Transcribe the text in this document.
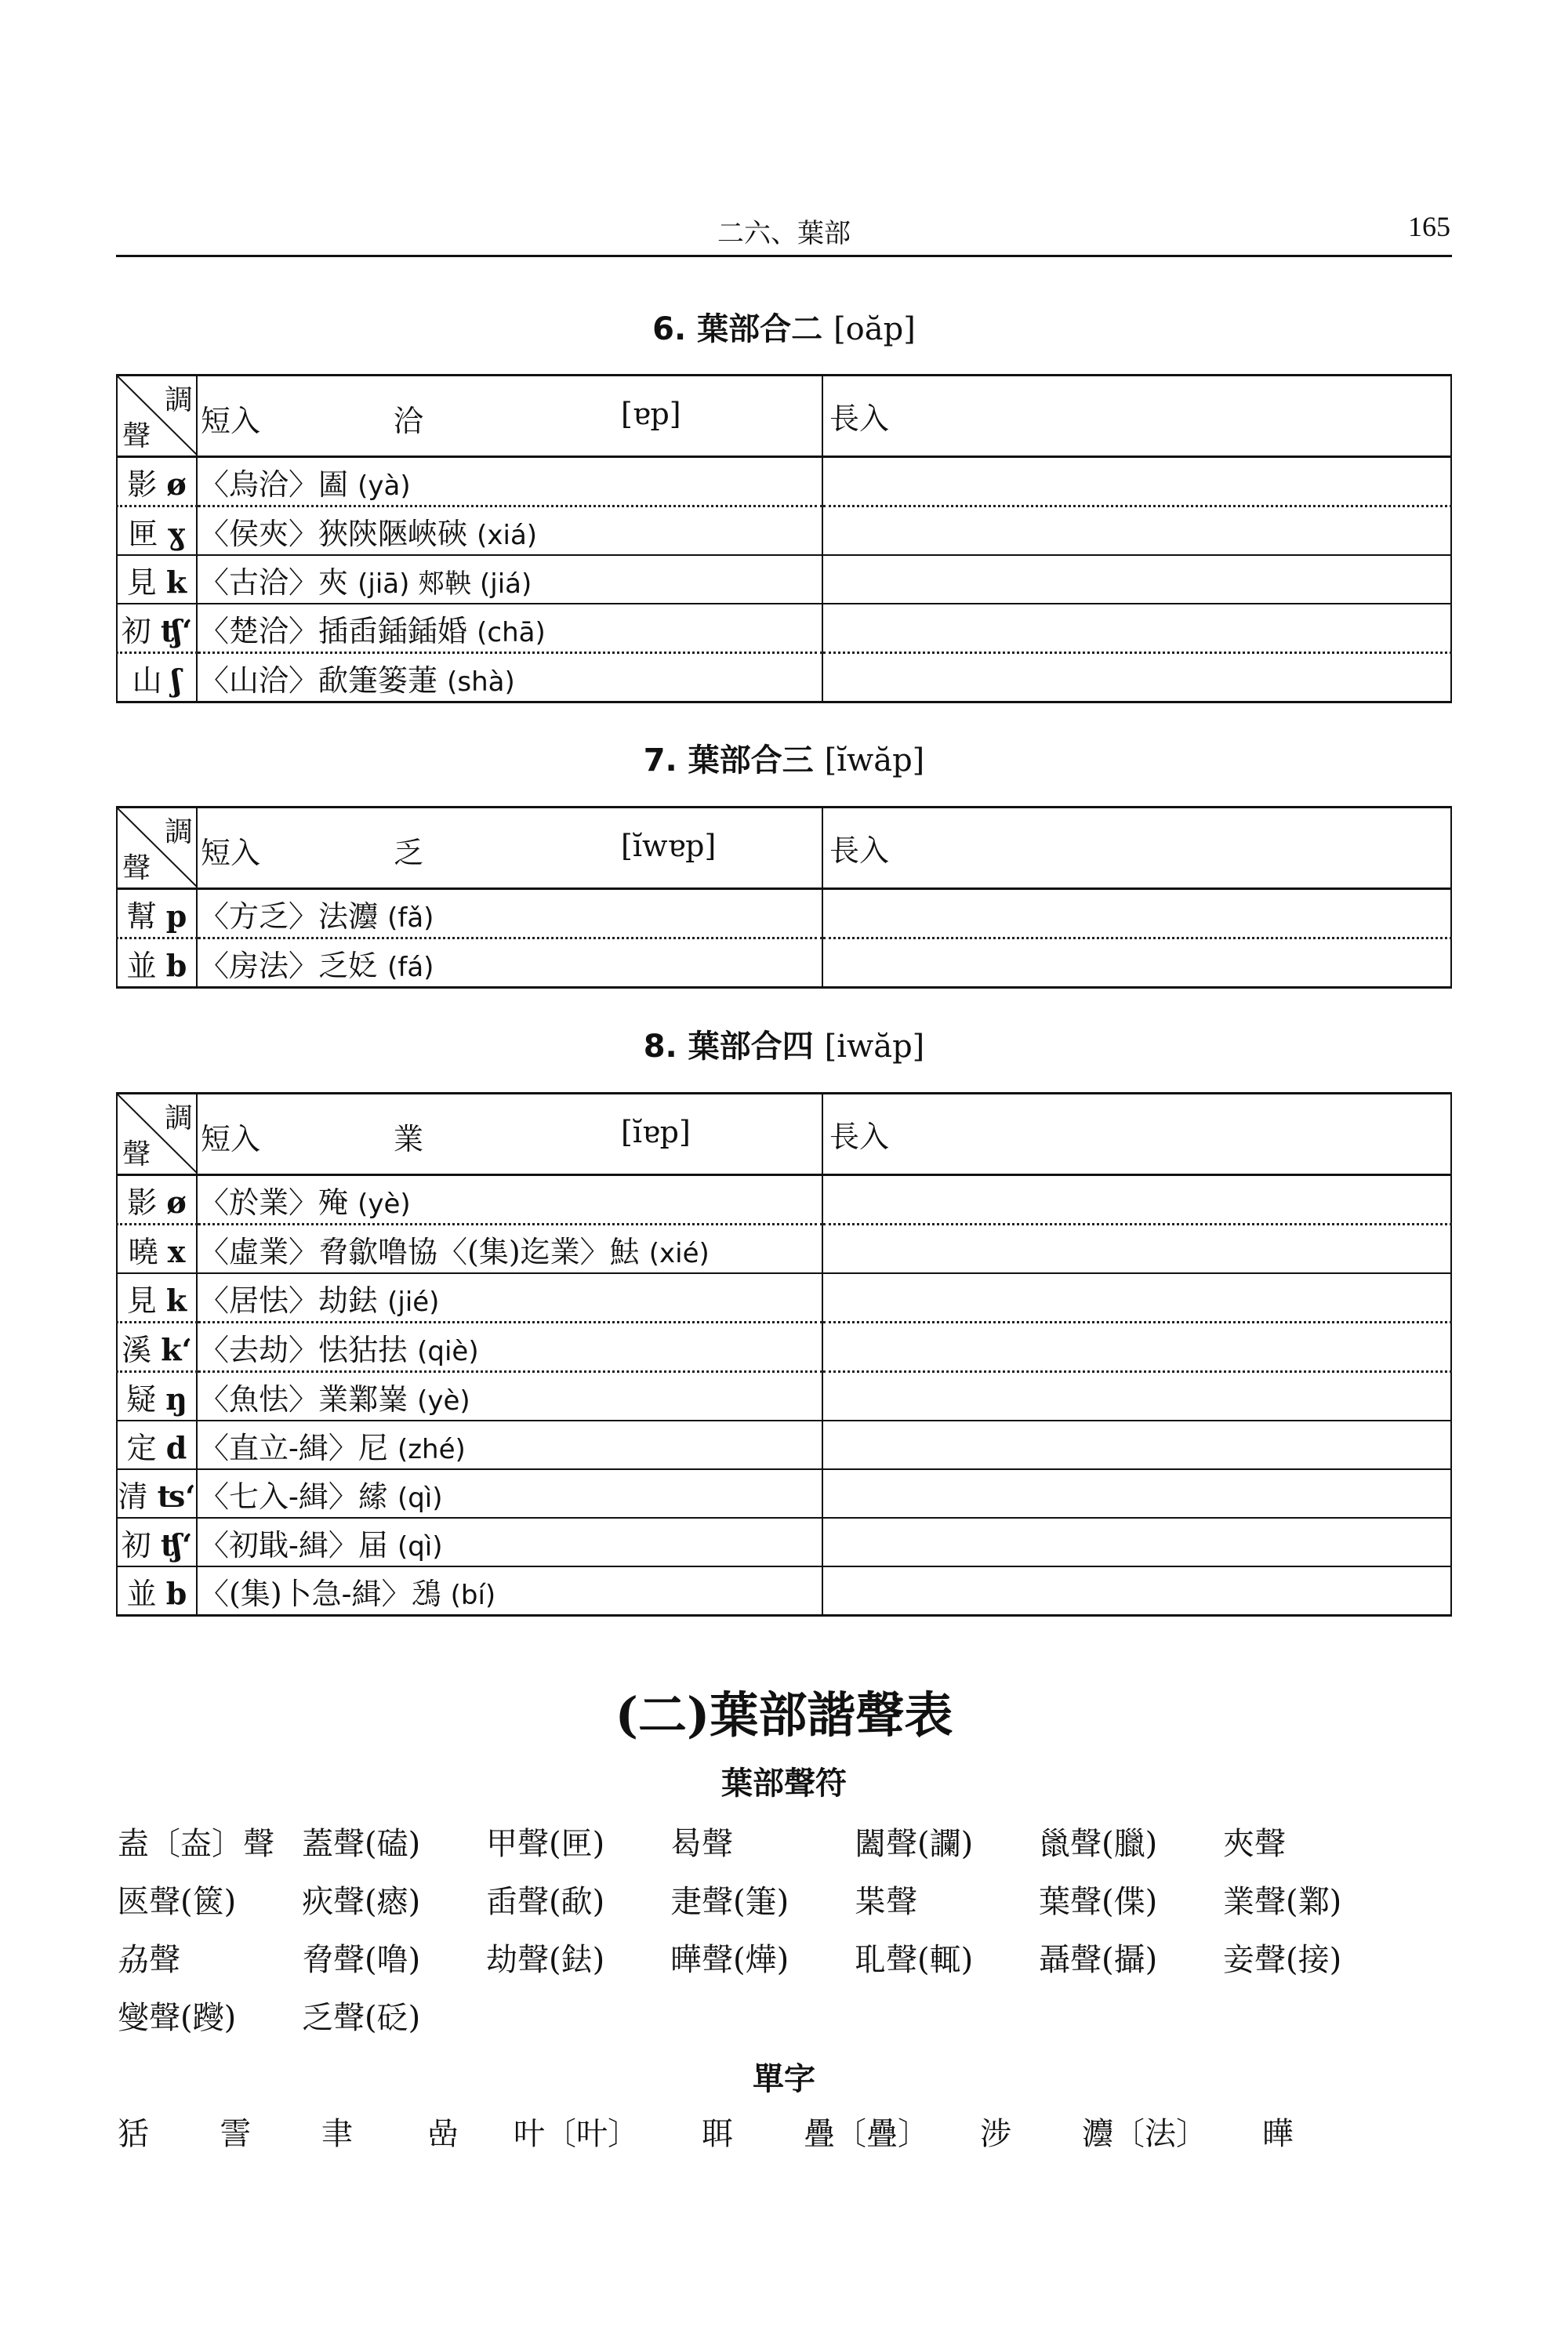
二六、葉部	165
調
聲	短入 洽 [ɐp]	長入
影 ø	〈烏洽〉圔 (yà)	
匣 ɣ	〈侯夾〉狹陝陿峽硤 (xiá)	
見 k	〈古洽〉夾 (jiā) 郟鞅 (jiá)	
初 ʧʻ	〈楚洽〉插臿鍤鍤婚 (chā)	
山 ʃ	〈山洽〉歃箑篓萐 (shà)	
調
聲	短入 乏 [ĭwɐp]	長入
幫 p	〈方乏〉法灋 (fǎ)	
並 b	〈房法〉乏姂 (fá)	
調
聲	短入 業 [ĭɐp]	長入
影 ø	〈於業〉殗 (yè)	
曉 x	〈虛業〉脅歙噜協〈(集)迄業〉魼 (xié)	
見 k	〈居怯〉劫鉣 (jié)	
溪 kʻ	〈去劫〉怯狜抾 (qiè)	
疑 ŋ	〈魚怯〉業鄴嶪 (yè)	
定 d	〈直立-緝〉尼 (zhé)	
清 ʦʻ	〈七入-緝〉䌇 (qì)	
初 ʧʻ	〈初戢-緝〉届 (qì)	
並 b	〈(集)卜急-緝〉鴔 (bí)	
(二)葉部諧聲表
葉部聲符
盍〔盇〕聲 蓋聲(磕) 甲聲(匣) 曷聲	闔聲(讕) 巤聲(臘) 夾聲
匧聲(篋) 疢聲(瘱) 臿聲(歃) 疌聲(箑) 枼聲	葉聲(偞) 業聲(鄴)
劦聲	脅聲(噜) 劫聲(鉣) 曄聲(燁) 耴聲(輒) 聶聲(攝) 妾聲(接)
燮聲(躞) 乏聲(砭)
單字
狧 霅 聿 嵒 叶〔叶〕 聑 疊〔疊〕 涉 灋〔法〕 曄
6. 葉部合二 [oăp]
7. 葉部合三 [ĭwăp]
8. 葉部合四 [iwăp]
